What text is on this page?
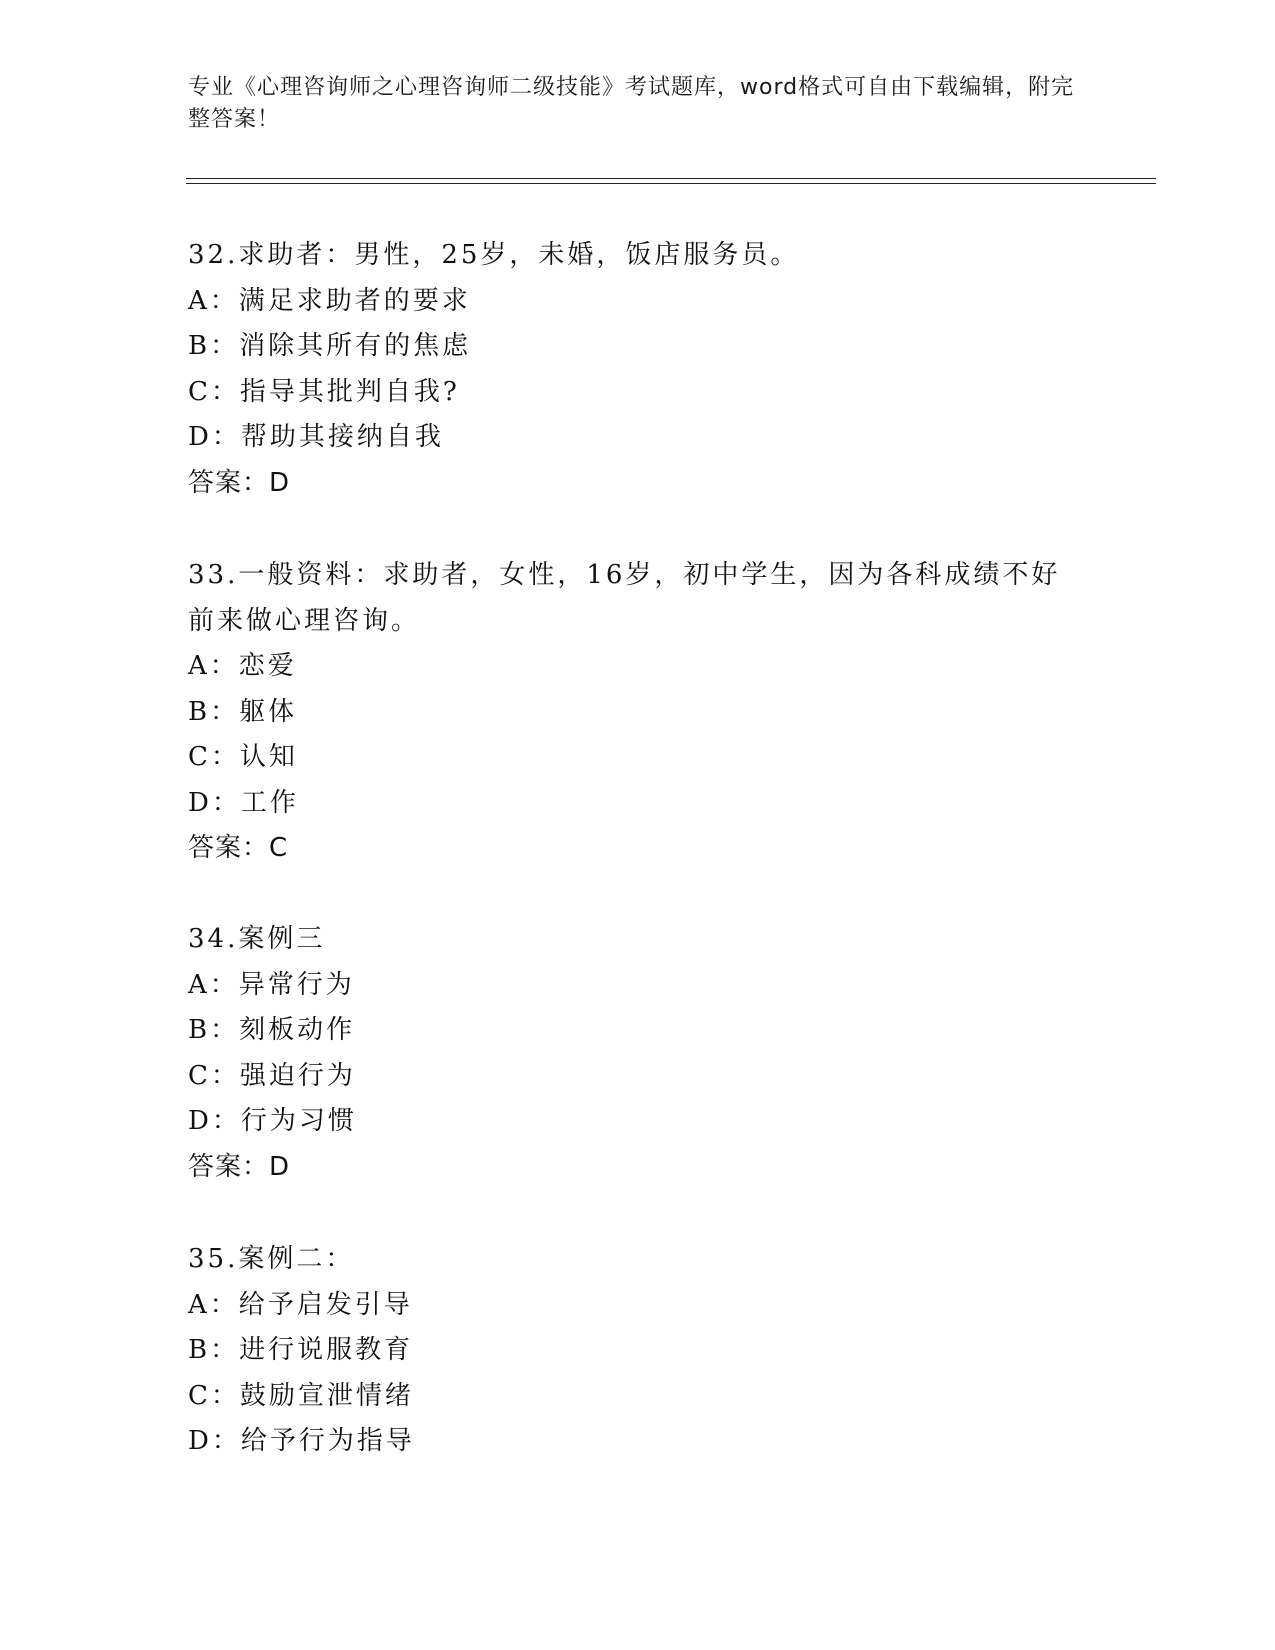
专业《心理咨询师之心理咨询师二级技能》考试题库，word格式可自由下载编辑，附完整答案！
32.求助者：男性，25岁，未婚，饭店服务员。
A：满足求助者的要求
B：消除其所有的焦虑
C：指导其批判自我?
D：帮助其接纳自我
答案：D
33.一般资料：求助者，女性，16岁，初中学生，因为各科成绩不好前来做心理咨询。
A：恋爱
B：躯体
C：认知
D：工作
答案：C
34.案例三
A：异常行为
B：刻板动作
C：强迫行为
D：行为习惯
答案：D
35.案例二：
A：给予启发引导
B：进行说服教育
C：鼓励宣泄情绪
D：给予行为指导
